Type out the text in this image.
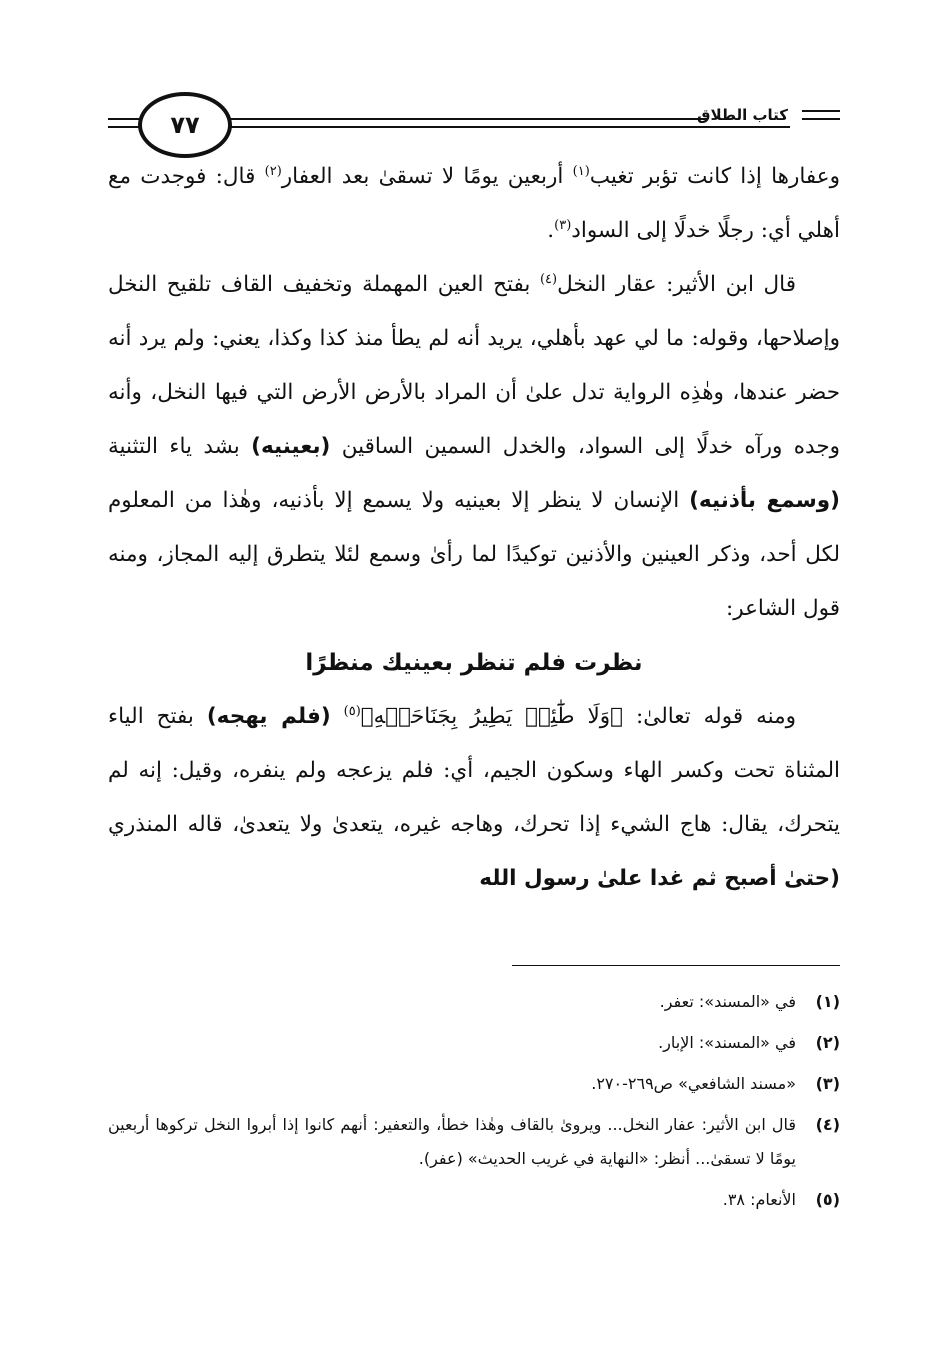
٧٧	كتاب الطلاق

وعفارها إذا كانت تؤبر تغيب$^{(١)}$ أربعين يومًا لا تسقىٰ بعد العفار$^{(٢)}$ قال: فوجدت مع أهلي أي: رجلًا خدلًا إلى السواد$^{(٣)}$.

قال ابن الأثير: عقار النخل$^{(٤)}$ بفتح العين المهملة وتخفيف القاف تلقيح النخل وإصلاحها، وقوله: ما لي عهد بأهلي، يريد أنه لم يطأ منذ كذا وكذا، يعني: ولم يرد أنه حضر عندها، وهٰذِه الرواية تدل علىٰ أن المراد بالأرض الأرض التي فيها النخل، وأنه وجده ورآه خدلًا إلى السواد، والخدل السمين الساقين (بعينيه) بشد ياء التثنية (وسمع بأذنيه) الإنسان لا ينظر إلا بعينيه ولا يسمع إلا بأذنيه، وهٰذا من المعلوم لكل أحد، وذكر العينين والأذنين توكيدًا لما رأىٰ وسمع لئلا يتطرق إليه المجاز، ومنه قول الشاعر:

نظرت فلم تنظر بعينيك منظرًا

ومنه قوله تعالىٰ: ﴿وَلَا طَٰٓئِرٖ يَطِيرُ بِجَنَاحَيۡهِ﴾$^{(٥)}$ (فلم يهجه) بفتح الياء المثناة تحت وكسر الهاء وسكون الجيم، أي: فلم يزعجه ولم ينفره، وقيل: إنه لم يتحرك، يقال: هاج الشيء إذا تحرك، وهاجه غيره، يتعدىٰ ولا يتعدىٰ، قاله المنذري (حتىٰ أصبح ثم غدا علىٰ رسول الله

(١)
في «المسند»: تعفر.
(٢)
في «المسند»: الإبار.
(٣)
«مسند الشافعي» ص٢٦٩-٢٧٠.
(٤)
قال ابن الأثير: عفار النخل... ويروىٰ بالقاف وهٰذا خطأ، والتعفير: أنهم كانوا إذا أبروا النخل تركوها أربعين يومًا لا تسقىٰ... أنظر: «النهاية في غريب الحديث» (عفر).
(٥)
الأنعام: ٣٨.
